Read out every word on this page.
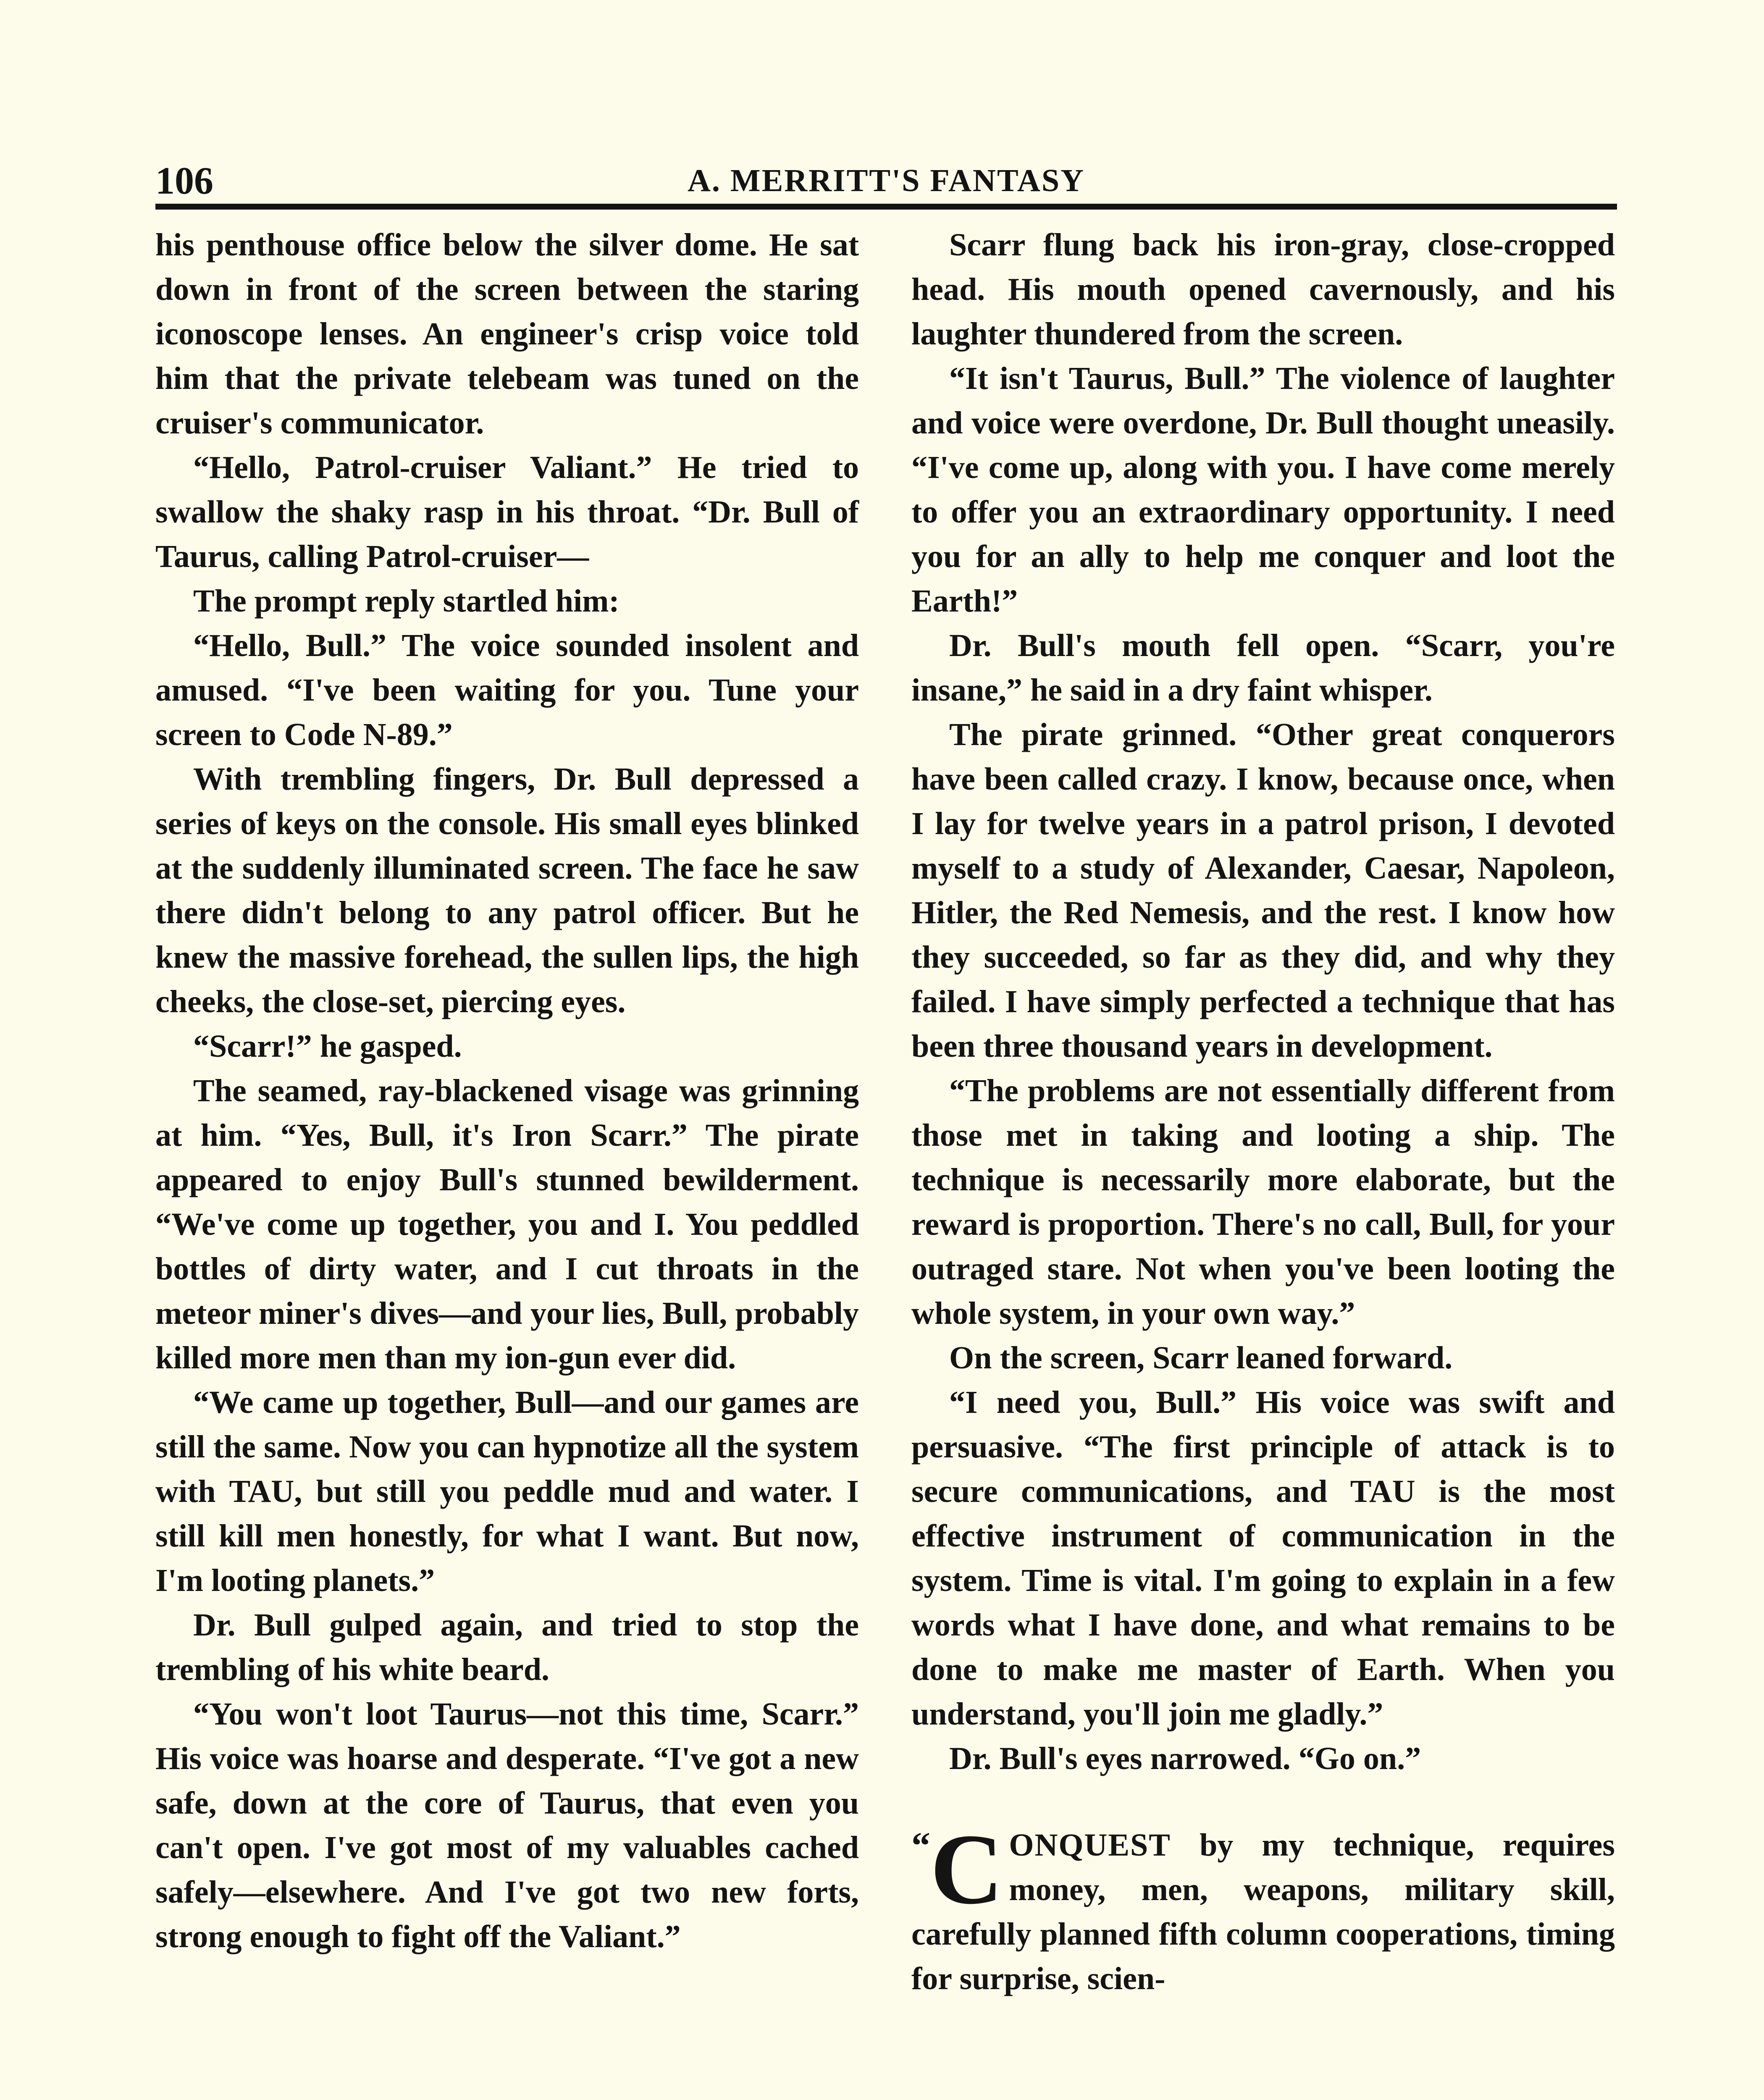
106	A. MERRITT'S FANTASY

his penthouse office below the silver dome. He sat down in front of the screen between the staring iconoscope lenses. An engineer's crisp voice told him that the private telebeam was tuned on the cruiser's communicator.

“Hello, Patrol-cruiser Valiant.” He tried to swallow the shaky rasp in his throat. “Dr. Bull of Taurus, calling Patrol-cruiser—

The prompt reply startled him:

“Hello, Bull.” The voice sounded insolent and amused. “I've been waiting for you. Tune your screen to Code N-89.”

With trembling fingers, Dr. Bull depressed a series of keys on the console. His small eyes blinked at the suddenly illuminated screen. The face he saw there didn't belong to any patrol officer. But he knew the massive forehead, the sullen lips, the high cheeks, the close-set, piercing eyes.

“Scarr!” he gasped.

The seamed, ray-blackened visage was grinning at him. “Yes, Bull, it's Iron Scarr.” The pirate appeared to enjoy Bull's stunned bewilderment. “We've come up together, you and I. You peddled bottles of dirty water, and I cut throats in the meteor miner's dives—and your lies, Bull, probably killed more men than my ion-gun ever did.

“We came up together, Bull—and our games are still the same. Now you can hypnotize all the system with TAU, but still you peddle mud and water. I still kill men honestly, for what I want. But now, I'm looting planets.”

Dr. Bull gulped again, and tried to stop the trembling of his white beard.

“You won't loot Taurus—not this time, Scarr.” His voice was hoarse and desperate. “I've got a new safe, down at the core of Taurus, that even you can't open. I've got most of my valuables cached safely—elsewhere. And I've got two new forts, strong enough to fight off the Valiant.”

Scarr flung back his iron-gray, close-cropped head. His mouth opened cavernously, and his laughter thundered from the screen.

“It isn't Taurus, Bull.” The violence of laughter and voice were overdone, Dr. Bull thought uneasily. “I've come up, along with you. I have come merely to offer you an extraordinary opportunity. I need you for an ally to help me conquer and loot the Earth!”

Dr. Bull's mouth fell open. “Scarr, you're insane,” he said in a dry faint whisper.

The pirate grinned. “Other great conquerors have been called crazy. I know, because once, when I lay for twelve years in a patrol prison, I devoted myself to a study of Alexander, Caesar, Napoleon, Hitler, the Red Nemesis, and the rest. I know how they succeeded, so far as they did, and why they failed. I have simply perfected a technique that has been three thousand years in development.

“The problems are not essentially different from those met in taking and looting a ship. The technique is necessarily more elaborate, but the reward is proportion. There's no call, Bull, for your outraged stare. Not when you've been looting the whole system, in your own way.”

On the screen, Scarr leaned forward.

“I need you, Bull.” His voice was swift and persuasive. “The first principle of attack is to secure communications, and TAU is the most effective instrument of communication in the system. Time is vital. I'm going to explain in a few words what I have done, and what remains to be done to make me master of Earth. When you understand, you'll join me gladly.”

Dr. Bull's eyes narrowed. “Go on.”

“C ONQUEST by my technique, requires money, men, weapons, military skill, carefully planned fifth column cooperations, timing for surprise, scien-
